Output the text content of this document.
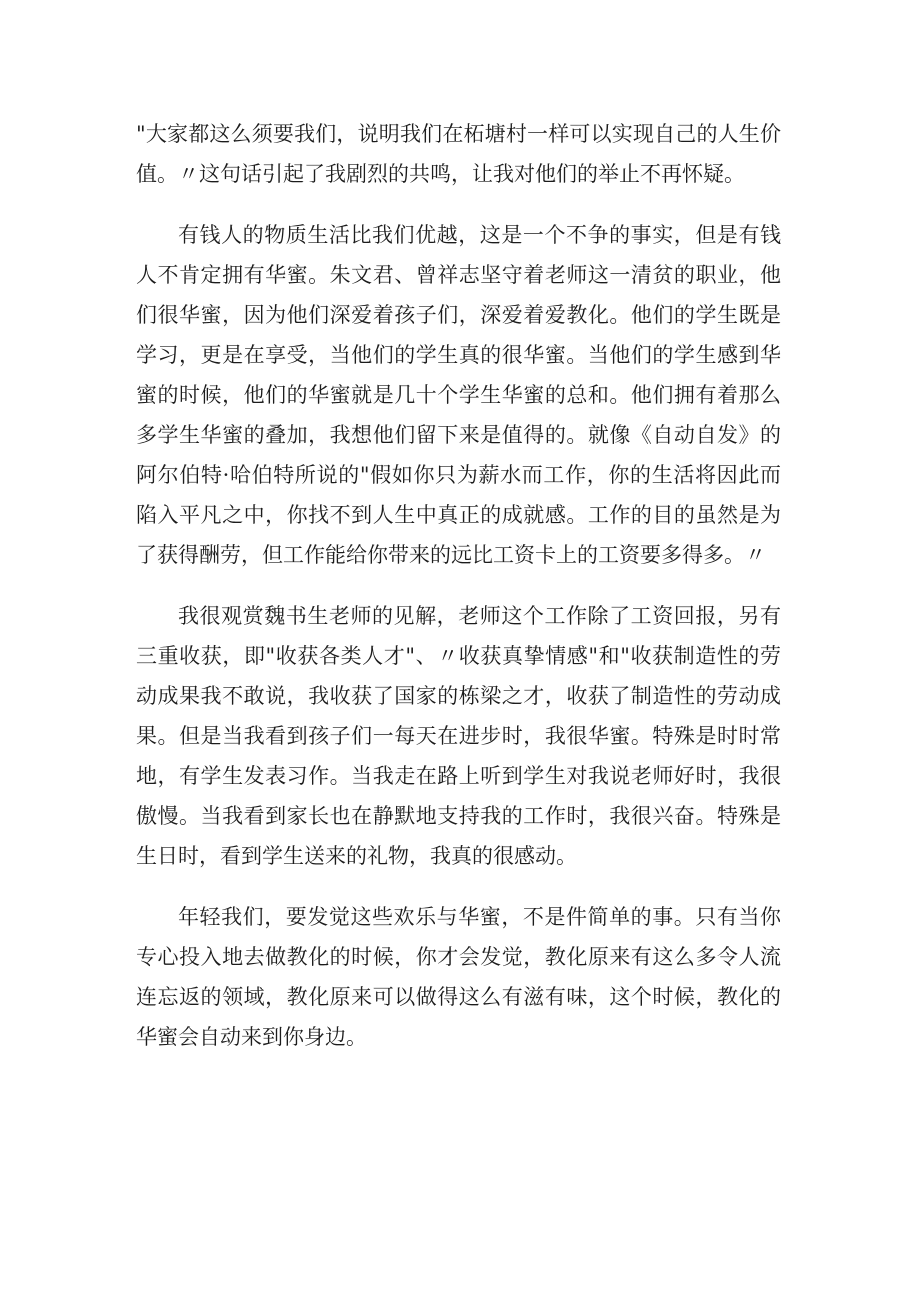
"大家都这么须要我们，说明我们在柘塘村一样可以实现自己的人生价值。〃这句话引起了我剧烈的共鸣，让我对他们的举止不再怀疑。

有钱人的物质生活比我们优越，这是一个不争的事实，但是有钱人不肯定拥有华蜜。朱文君、曾祥志坚守着老师这一清贫的职业，他们很华蜜，因为他们深爱着孩子们，深爱着爱教化。他们的学生既是学习，更是在享受，当他们的学生真的很华蜜。当他们的学生感到华蜜的时候，他们的华蜜就是几十个学生华蜜的总和。他们拥有着那么多学生华蜜的叠加，我想他们留下来是值得的。就像《自动自发》的阿尔伯特·哈伯特所说的"假如你只为薪水而工作，你的生活将因此而陷入平凡之中，你找不到人生中真正的成就感。工作的目的虽然是为了获得酬劳，但工作能给你带来的远比工资卡上的工资要多得多。〃

我很观赏魏书生老师的见解，老师这个工作除了工资回报，另有三重收获，即"收获各类人才"、〃收获真挚情感"和"收获制造性的劳动成果我不敢说，我收获了国家的栋梁之才，收获了制造性的劳动成果。但是当我看到孩子们一每天在进步时，我很华蜜。特殊是时时常地，有学生发表习作。当我走在路上听到学生对我说老师好时，我很傲慢。当我看到家长也在静默地支持我的工作时，我很兴奋。特殊是生日时，看到学生送来的礼物，我真的很感动。

年轻我们，要发觉这些欢乐与华蜜，不是件简单的事。只有当你专心投入地去做教化的时候，你才会发觉，教化原来有这么多令人流连忘返的领域，教化原来可以做得这么有滋有味，这个时候，教化的华蜜会自动来到你身边。
